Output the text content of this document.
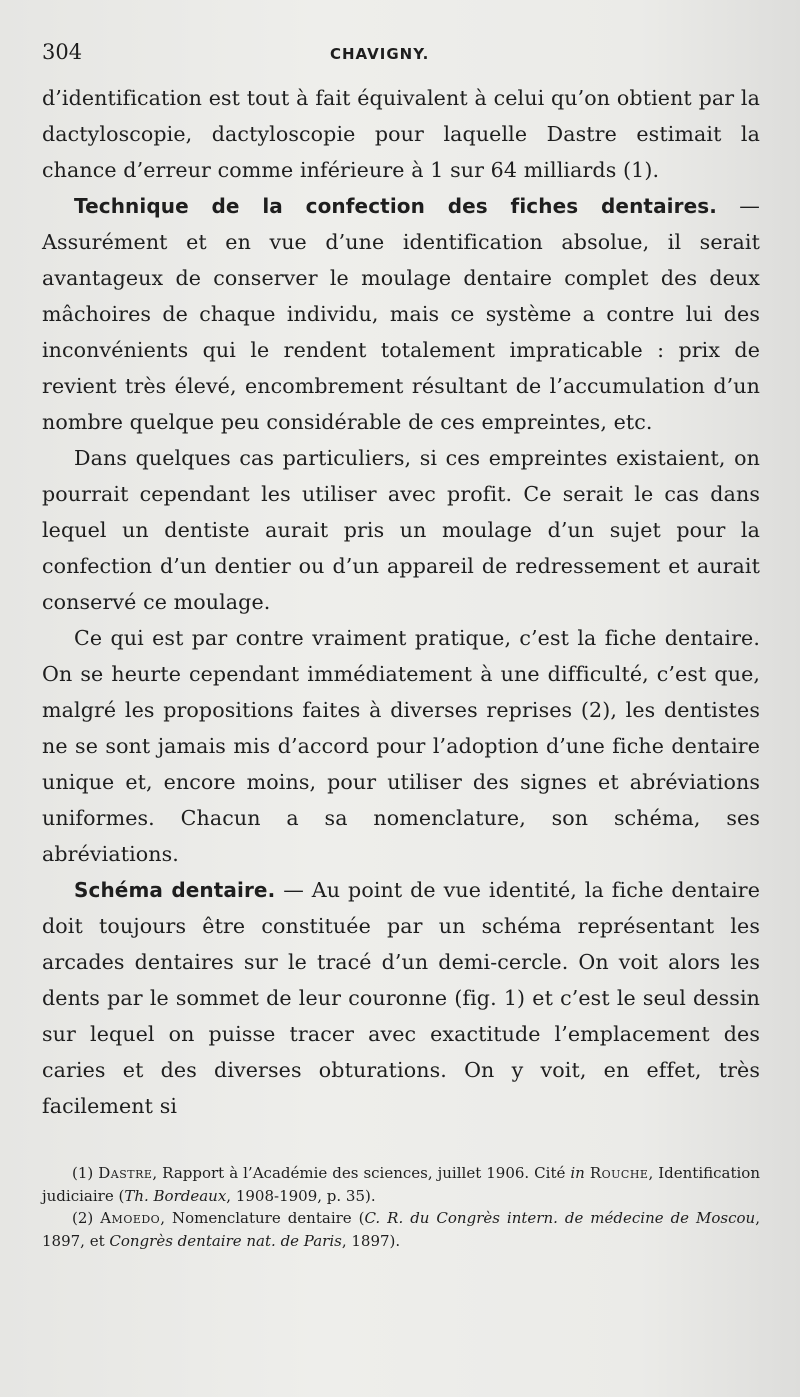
304	CHAVIGNY.

d’identification est tout à fait équivalent à celui qu’on obtient par la dactyloscopie, dactyloscopie pour laquelle Dastre estimait la chance d’erreur comme inférieure à 1 sur 64 milliards (1).

Technique de la confection des fiches dentaires. — Assurément et en vue d’une identification absolue, il serait avantageux de conserver le moulage dentaire complet des deux mâchoires de chaque individu, mais ce système a contre lui des inconvénients qui le rendent totalement impraticable : prix de revient très élevé, encombrement résultant de l’accumulation d’un nombre quelque peu considérable de ces empreintes, etc.

Dans quelques cas particuliers, si ces empreintes existaient, on pourrait cependant les utiliser avec profit. Ce serait le cas dans lequel un dentiste aurait pris un moulage d’un sujet pour la confection d’un dentier ou d’un appareil de redressement et aurait conservé ce moulage.

Ce qui est par contre vraiment pratique, c’est la fiche dentaire. On se heurte cependant immédiatement à une difficulté, c’est que, malgré les propositions faites à diverses reprises (2), les dentistes ne se sont jamais mis d’accord pour l’adoption d’une fiche dentaire unique et, encore moins, pour utiliser des signes et abréviations uniformes. Chacun a sa nomenclature, son schéma, ses abréviations.

Schéma dentaire. — Au point de vue identité, la fiche dentaire doit toujours être constituée par un schéma représentant les arcades dentaires sur le tracé d’un demi-cercle. On voit alors les dents par le sommet de leur couronne (fig. 1) et c’est le seul dessin sur lequel on puisse tracer avec exactitude l’emplacement des caries et des diverses obturations. On y voit, en effet, très facilement si

(1) Dastre, Rapport à l’Académie des sciences, juillet 1906. Cité in Rouche, Identification judiciaire (Th. Bordeaux, 1908-1909, p. 35).

(2) Amoedo, Nomenclature dentaire (C. R. du Congrès intern. de médecine de Moscou, 1897, et Congrès dentaire nat. de Paris, 1897).
